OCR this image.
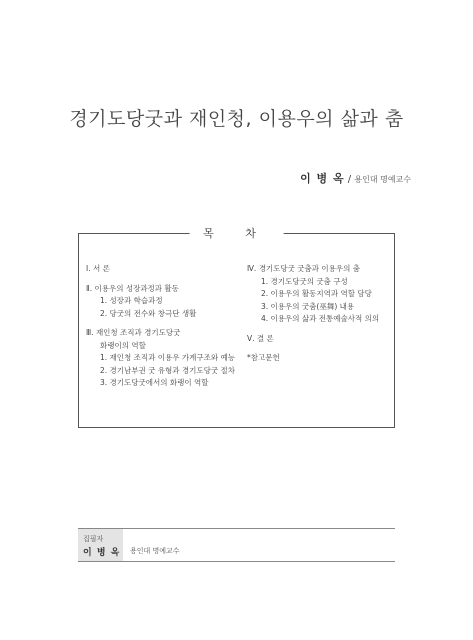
경기도당굿과 재인청, 이용우의 삶과 춤
이 병 옥 / 용인대 명예교수
목 차
Ⅰ. 서 론
Ⅱ. 이용우의 성장과정과 활동
1. 성장과 학습과정
2. 당굿의 전수와 창극단 생활
Ⅲ. 재인청 조직과 경기도당굿
화랭이의 역할
1. 재인청 조직과 이용우 가계구조와 예능
2. 경기남부권 굿 유형과 경기도당굿 절차
3. 경기도당굿에서의 화랭이 역할
Ⅳ. 경기도당굿 굿춤과 이용우의 춤
1. 경기도당굿의 굿춤 구성
2. 이용우의 활동지역과 역할 담당
3. 이용우의 굿춤(巫舞) 내용
4. 이용우의 삶과 전통예술사적 의의
Ⅴ. 결 론
*참고문헌
집필자
이 병 옥 용인대 명예교수
